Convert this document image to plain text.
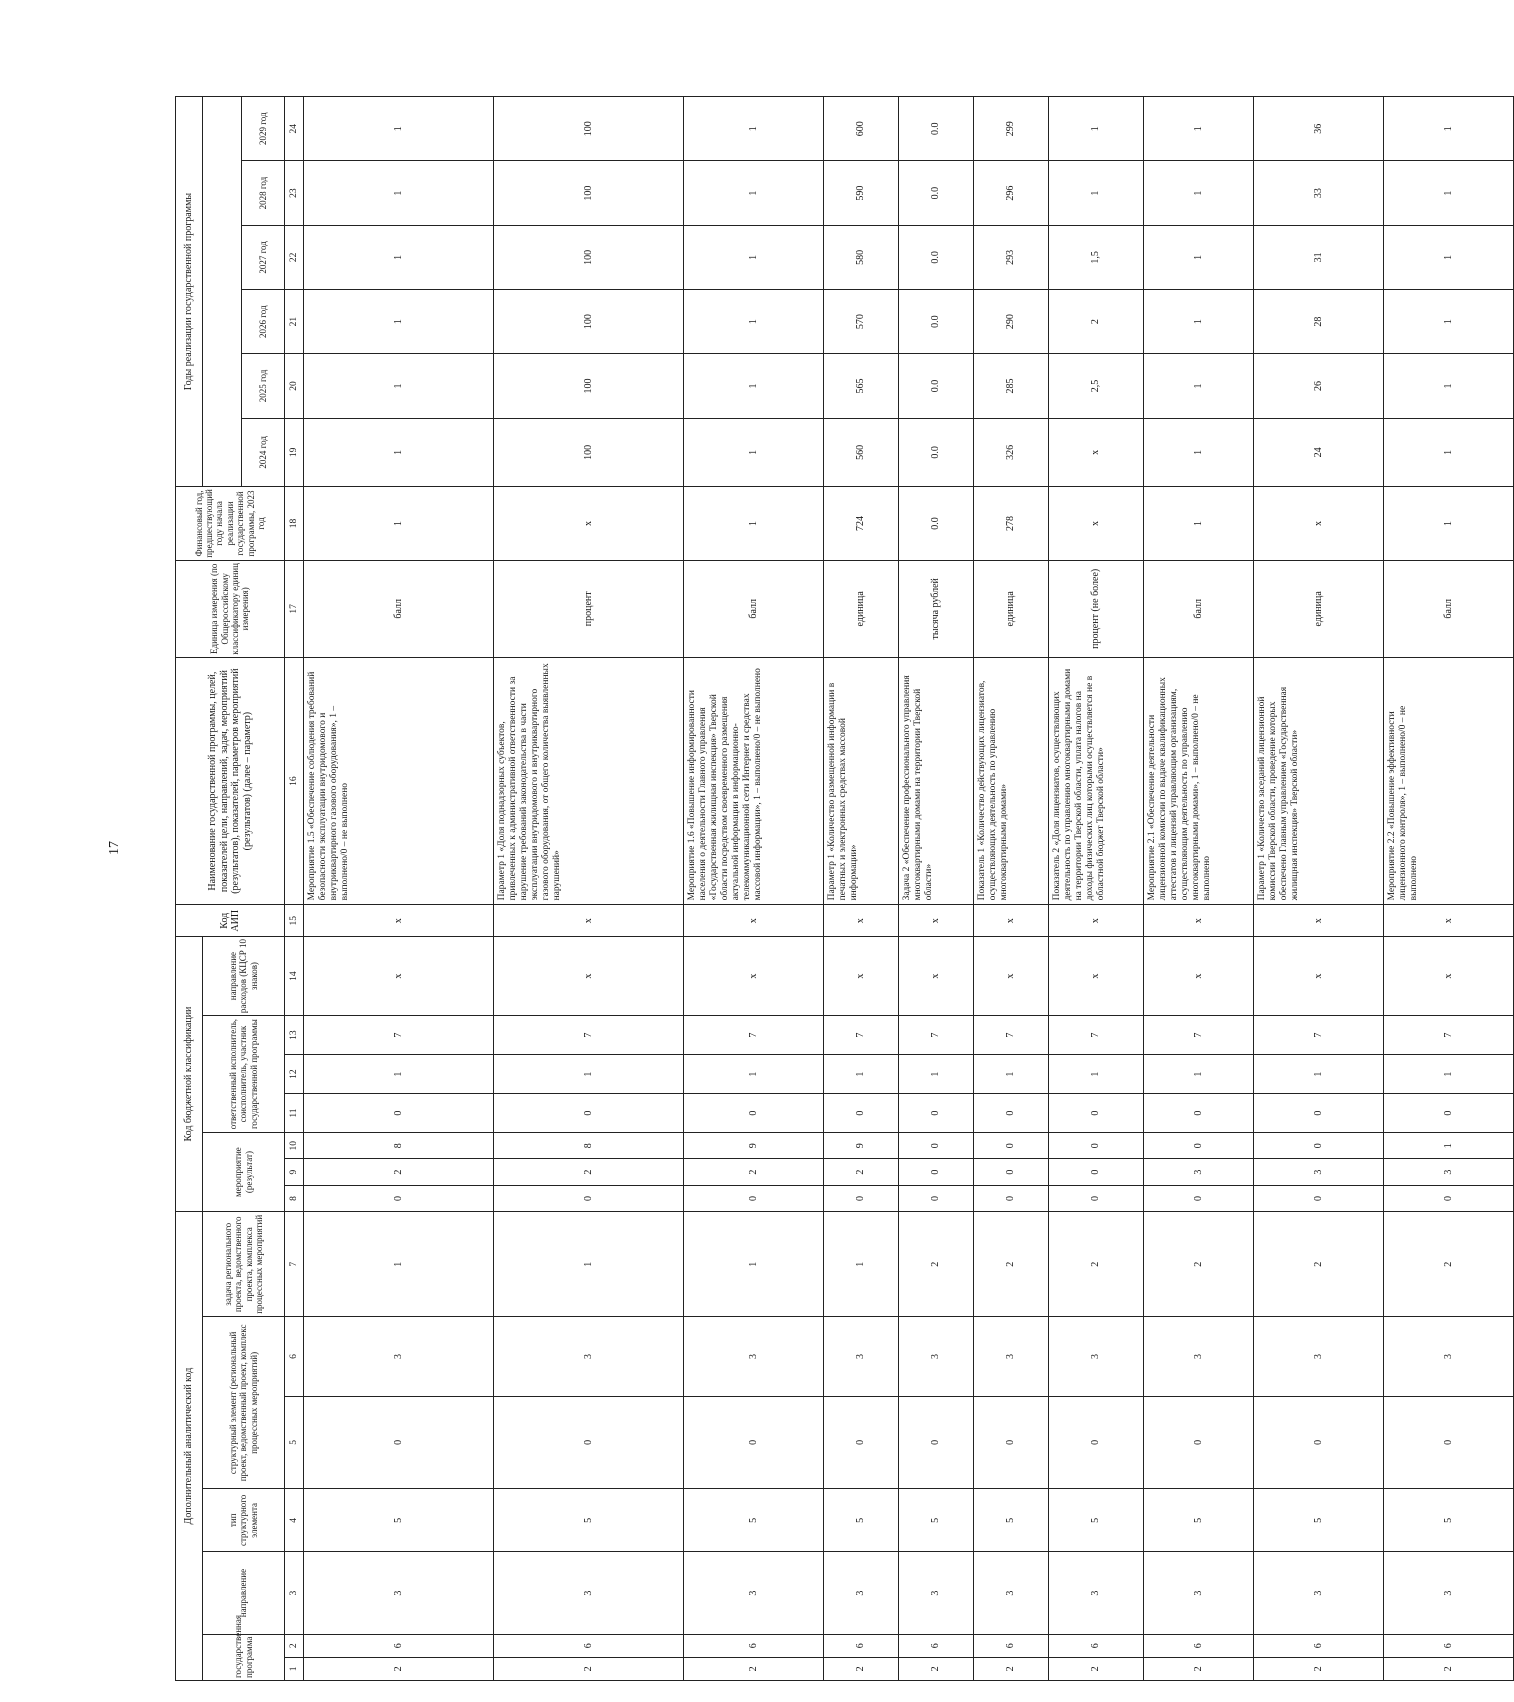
17
Дополнительный аналитический код							Код бюджетной классификации							Код АИП	Наименование государственной программы, целей, показателей цели, направлений, задач, мероприятий (результатов), показателей, параметров мероприятий (результатов) (далее – параметр)	Единица измерения (по Общероссийскому классификатору единиц измерения)	Финансовый год, предшествующий году начала реализации государственной программы, 2023 год	Годы реализации государственной программы					
государственная программа		направление	тип структурного элемента	структурный элемент (региональный проект, ведомственный проект, комплекс процессных мероприятий)		задача регионального проекта, ведомственного проекта, комплекса процессных мероприятий	мероприятие (результат)			ответственный исполнитель, соисполнитель, участник государственной программы			направление расходов (КЦСР 10 знаков)										
																		2024 год	2025 год	2026 год	2027 год	2028 год	2029 год
1	2	3	4	5	6	7	8	9	10	11	12	13	14	15	16	17	18	19	20	21	22	23	24
2	6	3	5	0	3	1	0	2	8	0	1	7	х	х	Мероприятие 1.5 «Обеспечение соблюдения требований безопасности эксплуатации внутридомового и внутриквартирного газового оборудования», 1 – выполнено/0 – не выполнено	балл	1	1	1	1	1	1	1
2	6	3	5	0	3	1	0	2	8	0	1	7	х	х	Параметр 1 «Доля поднадзорных субъектов, привлеченных к административной ответственности за нарушение требований законодательства в части эксплуатации внутридомового и внутриквартирного газового оборудования, от общего количества выявленных нарушений»	процент	х	100	100	100	100	100	100
2	6	3	5	0	3	1	0	2	9	0	1	7	х	х	Мероприятие 1.6 «Повышение информированности населения о деятельности Главного управления «Государственная жилищная инспекция» Тверской области посредством своевременного размещения актуальной информации в информационно-телекоммуникационной сети Интернет и средствах массовой информации», 1 – выполнено/0 – не выполнено	балл	1	1	1	1	1	1	1
2	6	3	5	0	3	1	0	2	9	0	1	7	х	х	Параметр 1 «Количество размещенной информации в печатных и электронных средствах массовой информации»	единица	724	560	565	570	580	590	600
2	6	3	5	0	3	2	0	0	0	0	1	7	х	х	Задача 2 «Обеспечение профессионального управления многоквартирными домами на территории Тверской области»	тысяча рублей	0.0	0.0	0.0	0.0	0.0	0.0	0.0
2	6	3	5	0	3	2	0	0	0	0	1	7	х	х	Показатель 1 «Количество действующих лицензиатов, осуществляющих деятельность по управлению многоквартирными домами»	единица	278	326	285	290	293	296	299
2	6	3	5	0	3	2	0	0	0	0	1	7	х	х	Показатель 2 «Доля лицензиатов, осуществляющих деятельность по управлению многоквартирными домами на территории Тверской области, уплата налогов на доходы физических лиц которыми осуществляется не в областной бюджет Тверской области»	процент (не более)	х	х	2,5	2	1,5	1	1
2	6	3	5	0	3	2	0	3	0	0	1	7	х	х	Мероприятие 2.1 «Обеспечение деятельности лицензионной комиссии по выдаче квалификационных аттестатов и лицензий управляющим организациям, осуществляющим деятельность по управлению многоквартирными домами», 1 – выполнено/0 – не выполнено	балл	1	1	1	1	1	1	1
2	6	3	5	0	3	2	0	3	0	0	1	7	х	х	Параметр 1 «Количество заседаний лицензионной комиссии Тверской области, проведение которых обеспечено Главным управлением «Государственная жилищная инспекция» Тверской области»	единица	х	24	26	28	31	33	36
2	6	3	5	0	3	2	0	3	1	0	1	7	х	х	Мероприятие 2.2 «Повышение эффективности лицензионного контроля», 1 – выполнено/0 – не выполнено	балл	1	1	1	1	1	1	1
